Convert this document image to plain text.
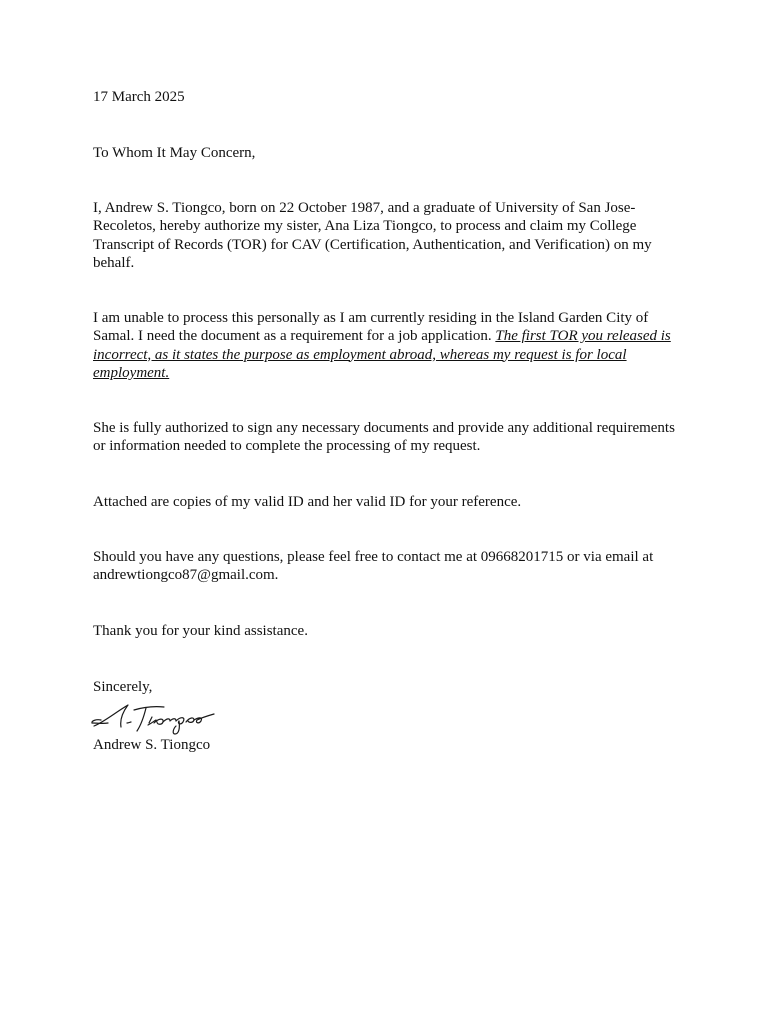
17 March 2025

To Whom It May Concern,

I, Andrew S. Tiongco, born on 22 October 1987, and a graduate of University of San Jose-Recoletos, hereby authorize my sister, Ana Liza Tiongco, to process and claim my College Transcript of Records (TOR) for CAV (Certification, Authentication, and Verification) on my behalf.

I am unable to process this personally as I am currently residing in the Island Garden City of Samal. I need the document as a requirement for a job application. The first TOR you released is incorrect, as it states the purpose as employment abroad, whereas my request is for local employment.

She is fully authorized to sign any necessary documents and provide any additional requirements or information needed to complete the processing of my request.

Attached are copies of my valid ID and her valid ID for your reference.

Should you have any questions, please feel free to contact me at 09668201715 or via email at andrewtiongco87@gmail.com.

Thank you for your kind assistance.

Sincerely,

Andrew S. Tiongco
